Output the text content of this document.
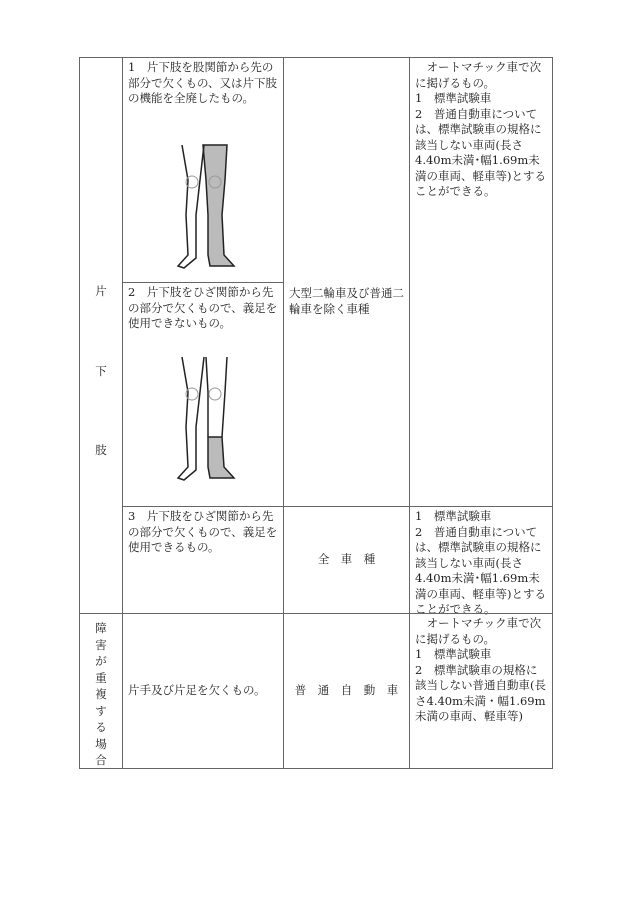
片
下
肢

1　片下肢を股関節から先の部分で欠くもの、又は片下肢の機能を全廃したもの。

2　片下肢をひざ関節から先の部分で欠くもので、義足を使用できないもの。

大型二輪車及び普通二輪車を除く車種

　オートマチック車で次に掲げるもの。

1　標準試験車

2　普通自動車については、標準試験車の規格に該当しない車両(長さ4.40m未満･幅1.69m未満の車両、軽車等)とすることができる。

3　片下肢をひざ関節から先の部分で欠くもので、義足を使用できるもの。

全　車　種

1　標準試験車

2　普通自動車については、標準試験車の規格に該当しない車両(長さ4.40m未満･幅1.69m未満の車両、軽車等)とすることができる。

障
害
が
重
複
す
る
場
合
片手及び片足を欠くもの。	普　通　自　動　車

　オートマチック車で次に掲げるもの。

1　標準試験車

2　標準試験車の規格に該当しない普通自動車(長さ4.40m未満・幅1.69m未満の車両、軽車等)
